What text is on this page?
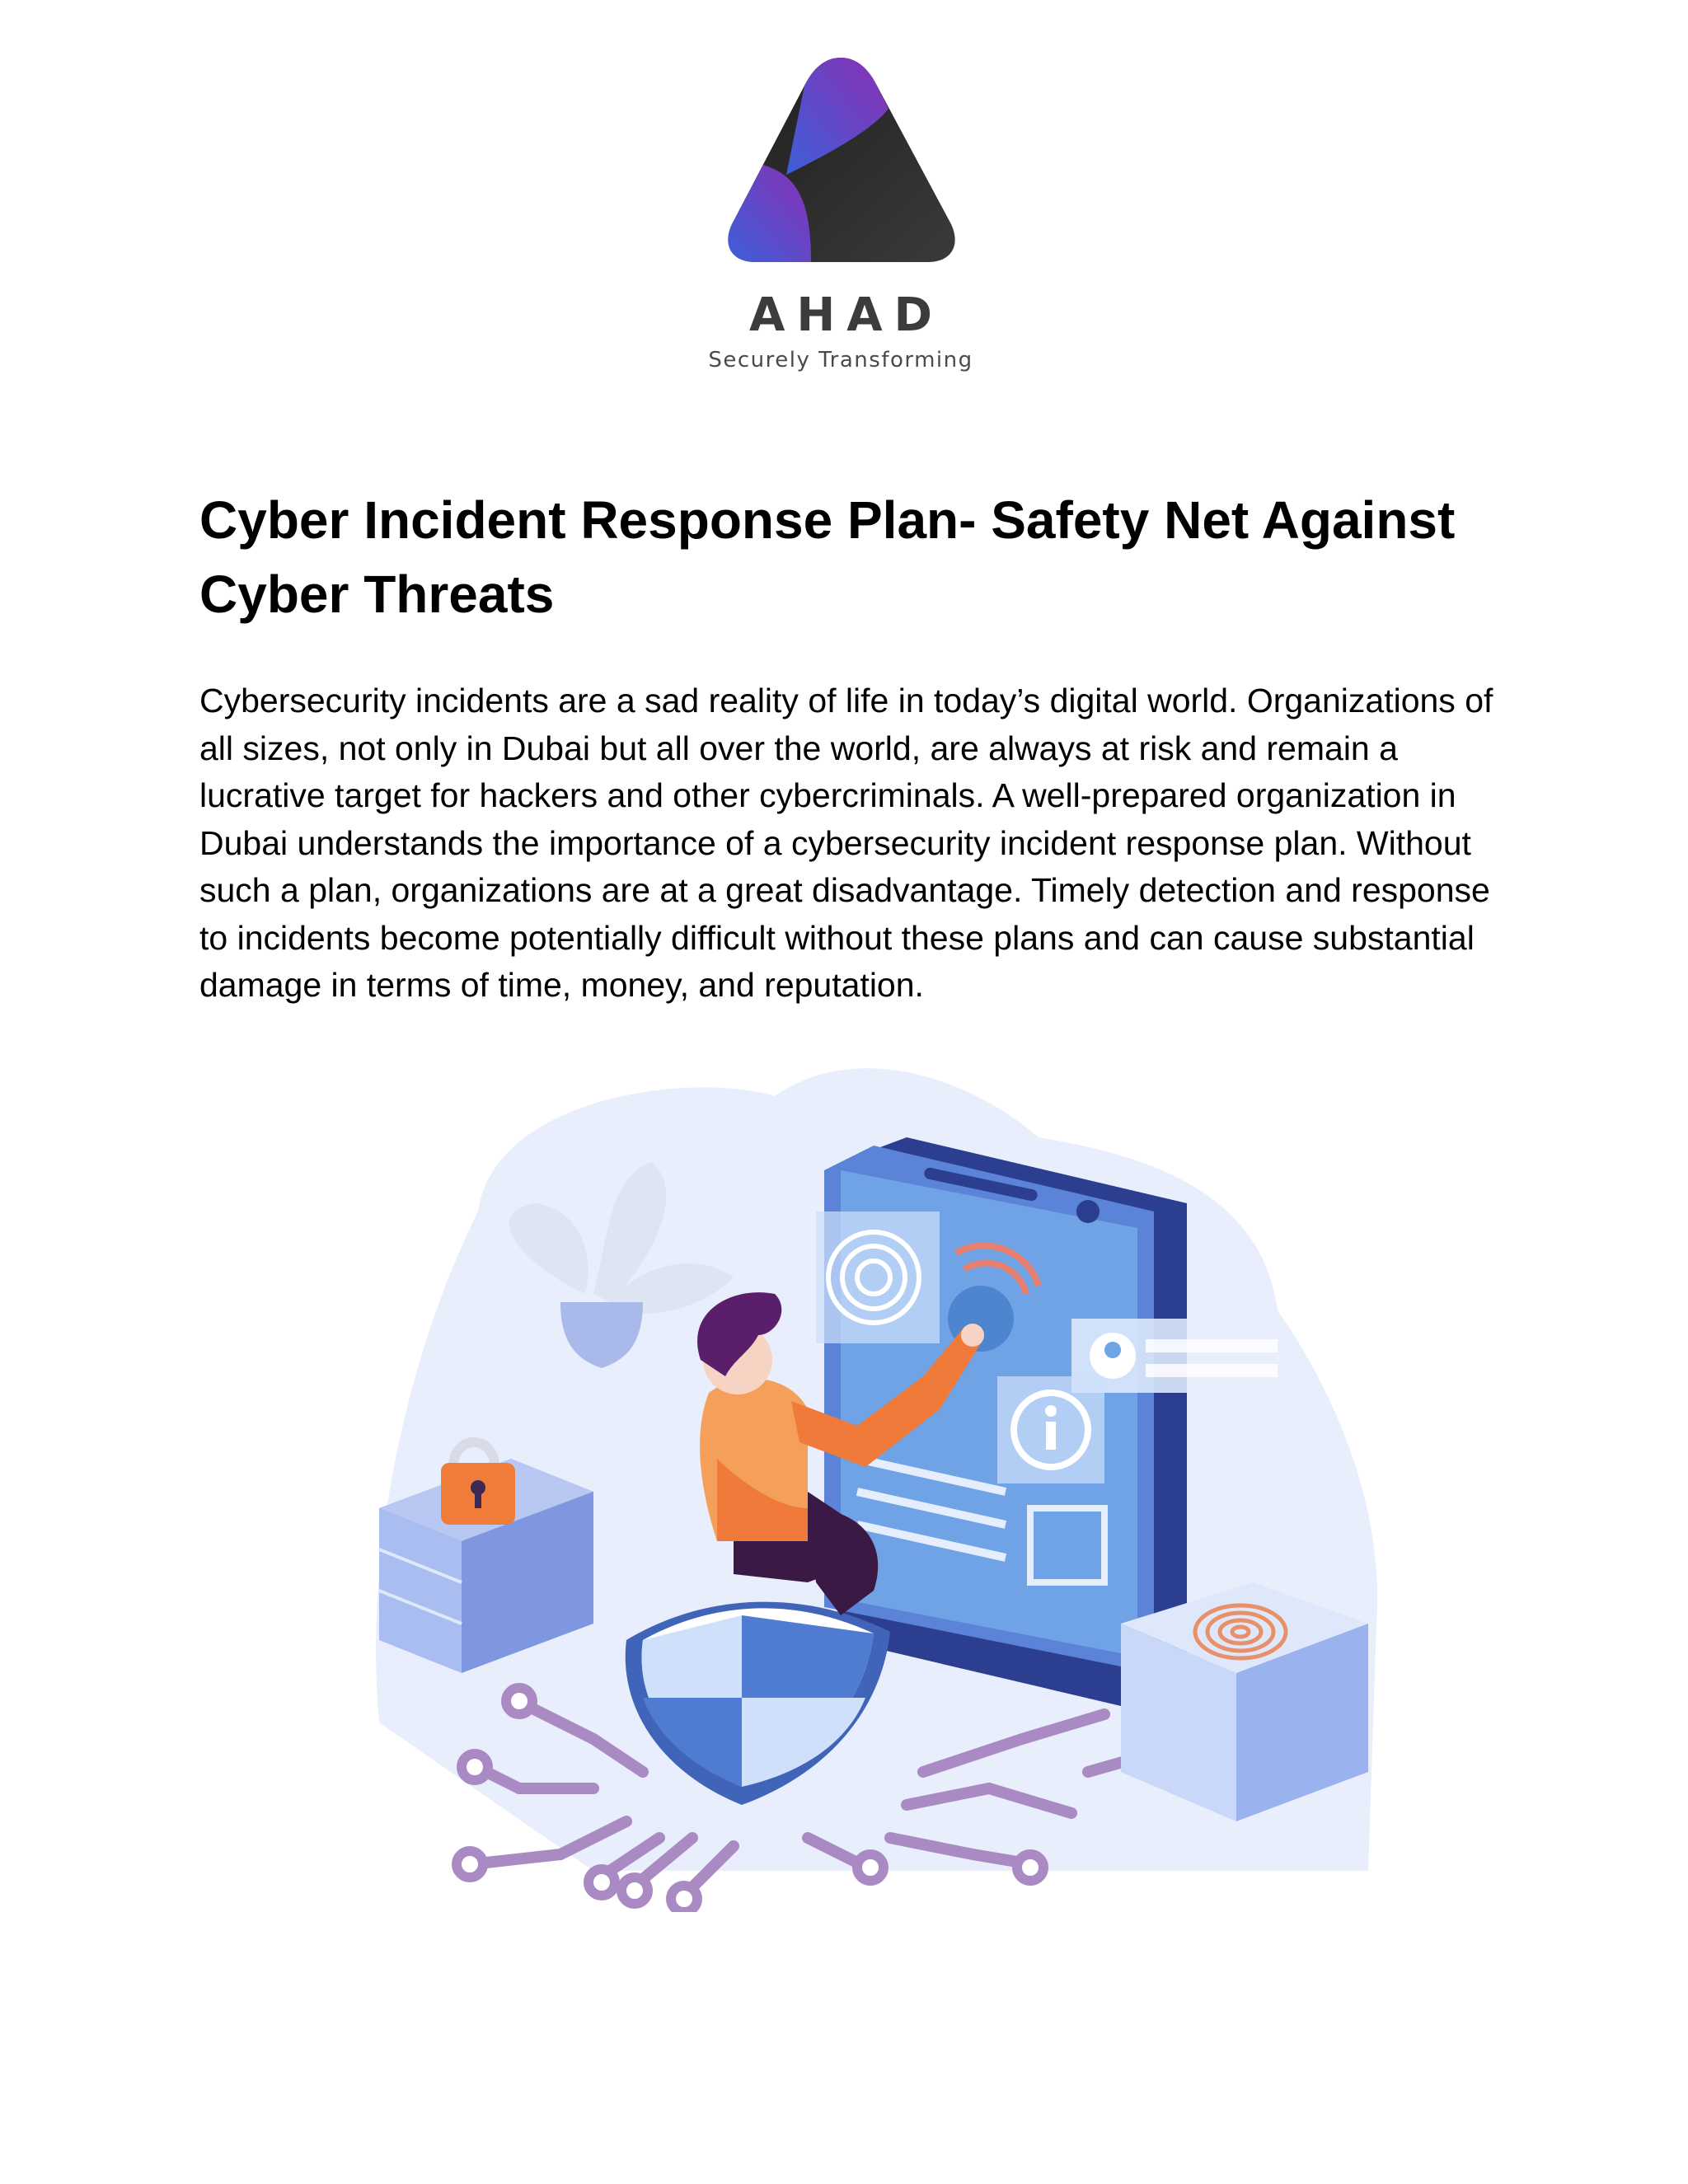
AHAD
Securely Transforming
Cyber Incident Response Plan- Safety Net Against Cyber Threats

Cybersecurity incidents are a sad reality of life in today’s digital world. Organizations of all sizes, not only in Dubai but all over the world, are always at risk and remain a lucrative target for hackers and other cybercriminals. A well-prepared organization in Dubai understands the importance of a cybersecurity incident response plan. Without such a plan, organizations are at a great disadvantage. Timely detection and response to incidents become potentially difficult without these plans and can cause substantial damage in terms of time, money, and reputation.
